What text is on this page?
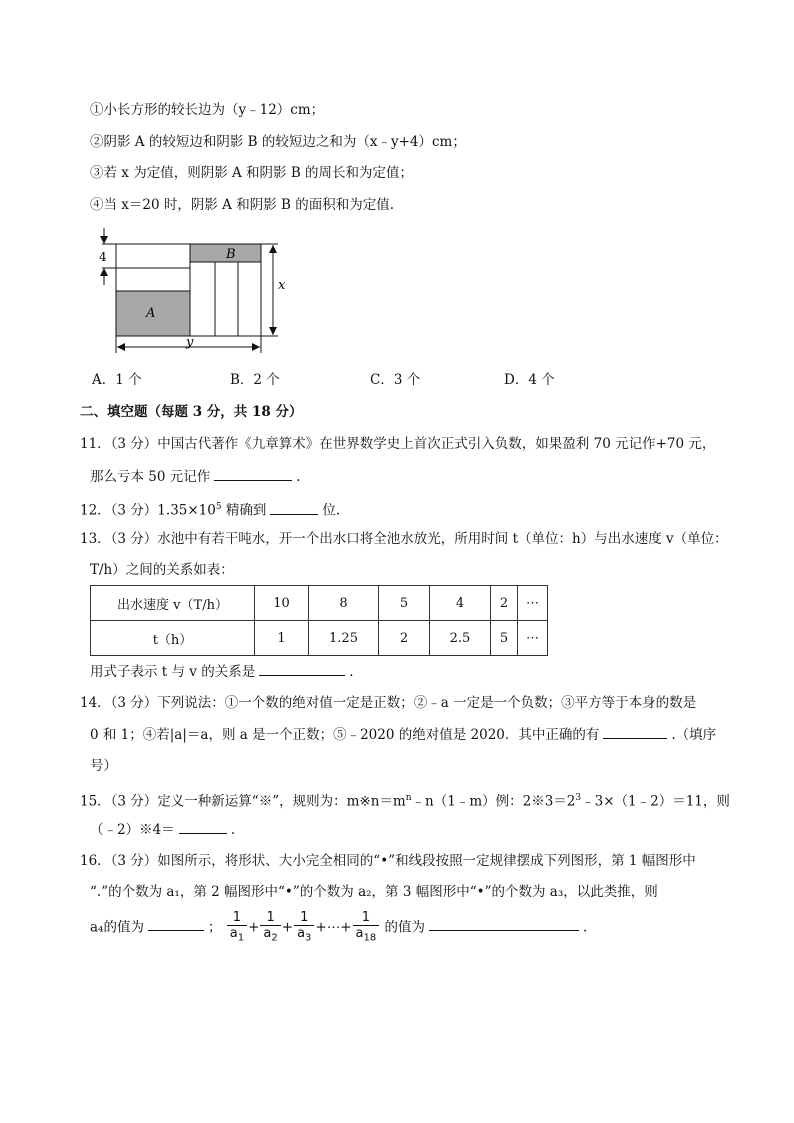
①小长方形的较长边为（y﹣12）cm；
②阴影 A 的较短边和阴影 B 的较短边之和为（x﹣y+4）cm；
③若 x 为定值，则阴影 A 和阴影 B 的周长和为定值；
④当 x＝20 时，阴影 A 和阴影 B 的面积和为定值.
4
A
B
x
y
A．1 个	B．2 个	C．3 个	D．4 个
二、填空题（每题 3 分，共 18 分）
11．（3 分）中国古代著作《九章算术》在世界数学史上首次正式引入负数，如果盈利 70 元记作+70 元，
那么亏本 50 元记作	.
12．（3 分）$1.35\times 10^5$ 精确到	位.
13．（3 分）水池中有若干吨水，开一个出水口将全池水放光，所用时间 t（单位：h）与出水速度 v（单位：
T/h）之间的关系如表：
出水速度 v（T/h）	10	8	5	4	2	⋯
t（h）	1	1.25	2	2.5	5	⋯
用式子表示 t 与 v 的关系是	.
14．（3 分）下列说法：①一个数的绝对值一定是正数；②﹣a 一定是一个负数；③平方等于本身的数是
0 和 1；④若|a|＝a，则 a 是一个正数；⑤﹣2020 的绝对值是 2020．其中正确的有	.（填序
号）
15．（3 分）定义一种新运算“※”，规则为：$m※n=m^n﹣n(1﹣m)$例：$2※3=2^3﹣3\times(1﹣2)=11$，则
（﹣2）※4＝	.
16．（3 分）如图所示，将形状、大小完全相同的“•”和线段按照一定规律摆成下列图形，第 1 幅图形中
“.”的个数为 a₁，第 2 幅图形中“•”的个数为 a₂，第 3 幅图形中“•”的个数为 a₃，以此类推，则
a₄的值为	； $\frac{1}{a_1} + \frac{1}{a_2} + \frac{1}{a_3}$ +⋯+ $\frac{1}{a_{18}}$ 的值为	.
